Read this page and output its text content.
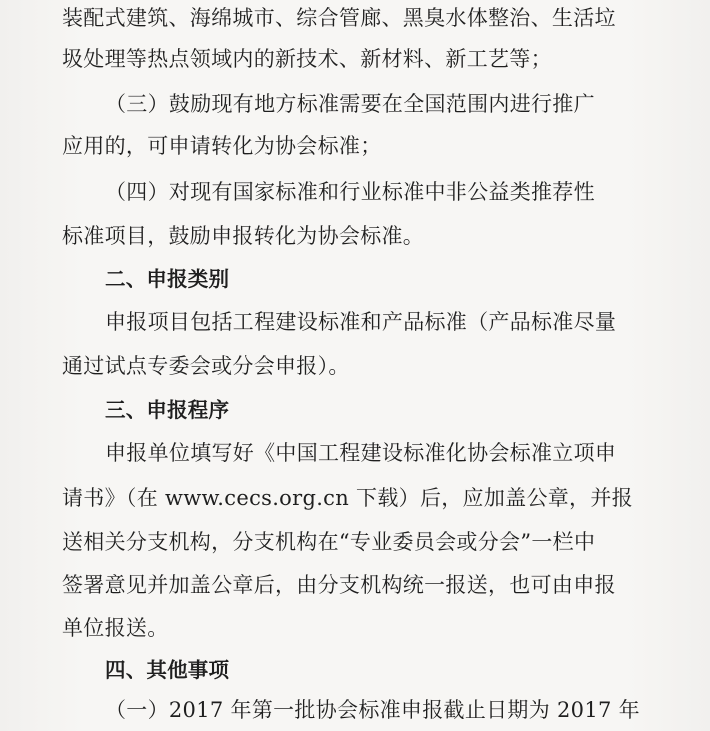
装配式建筑、海绵城市、综合管廊、黑臭水体整治、生活垃
圾处理等热点领域内的新技术、新材料、新工艺等；
（三）鼓励现有地方标准需要在全国范围内进行推广
应用的，可申请转化为协会标准；
（四）对现有国家标准和行业标准中非公益类推荐性
标准项目，鼓励申报转化为协会标准。
二、申报类别
申报项目包括工程建设标准和产品标准（产品标准尽量
通过试点专委会或分会申报）。
三、申报程序
申报单位填写好《中国工程建设标准化协会标准立项申
请书》（在 www.cecs.org.cn 下载）后，应加盖公章，并报
送相关分支机构，分支机构在“专业委员会或分会”一栏中
签署意见并加盖公章后，由分支机构统一报送，也可由申报
单位报送。
四、其他事项
（一）2017 年第一批协会标准申报截止日期为 2017 年
